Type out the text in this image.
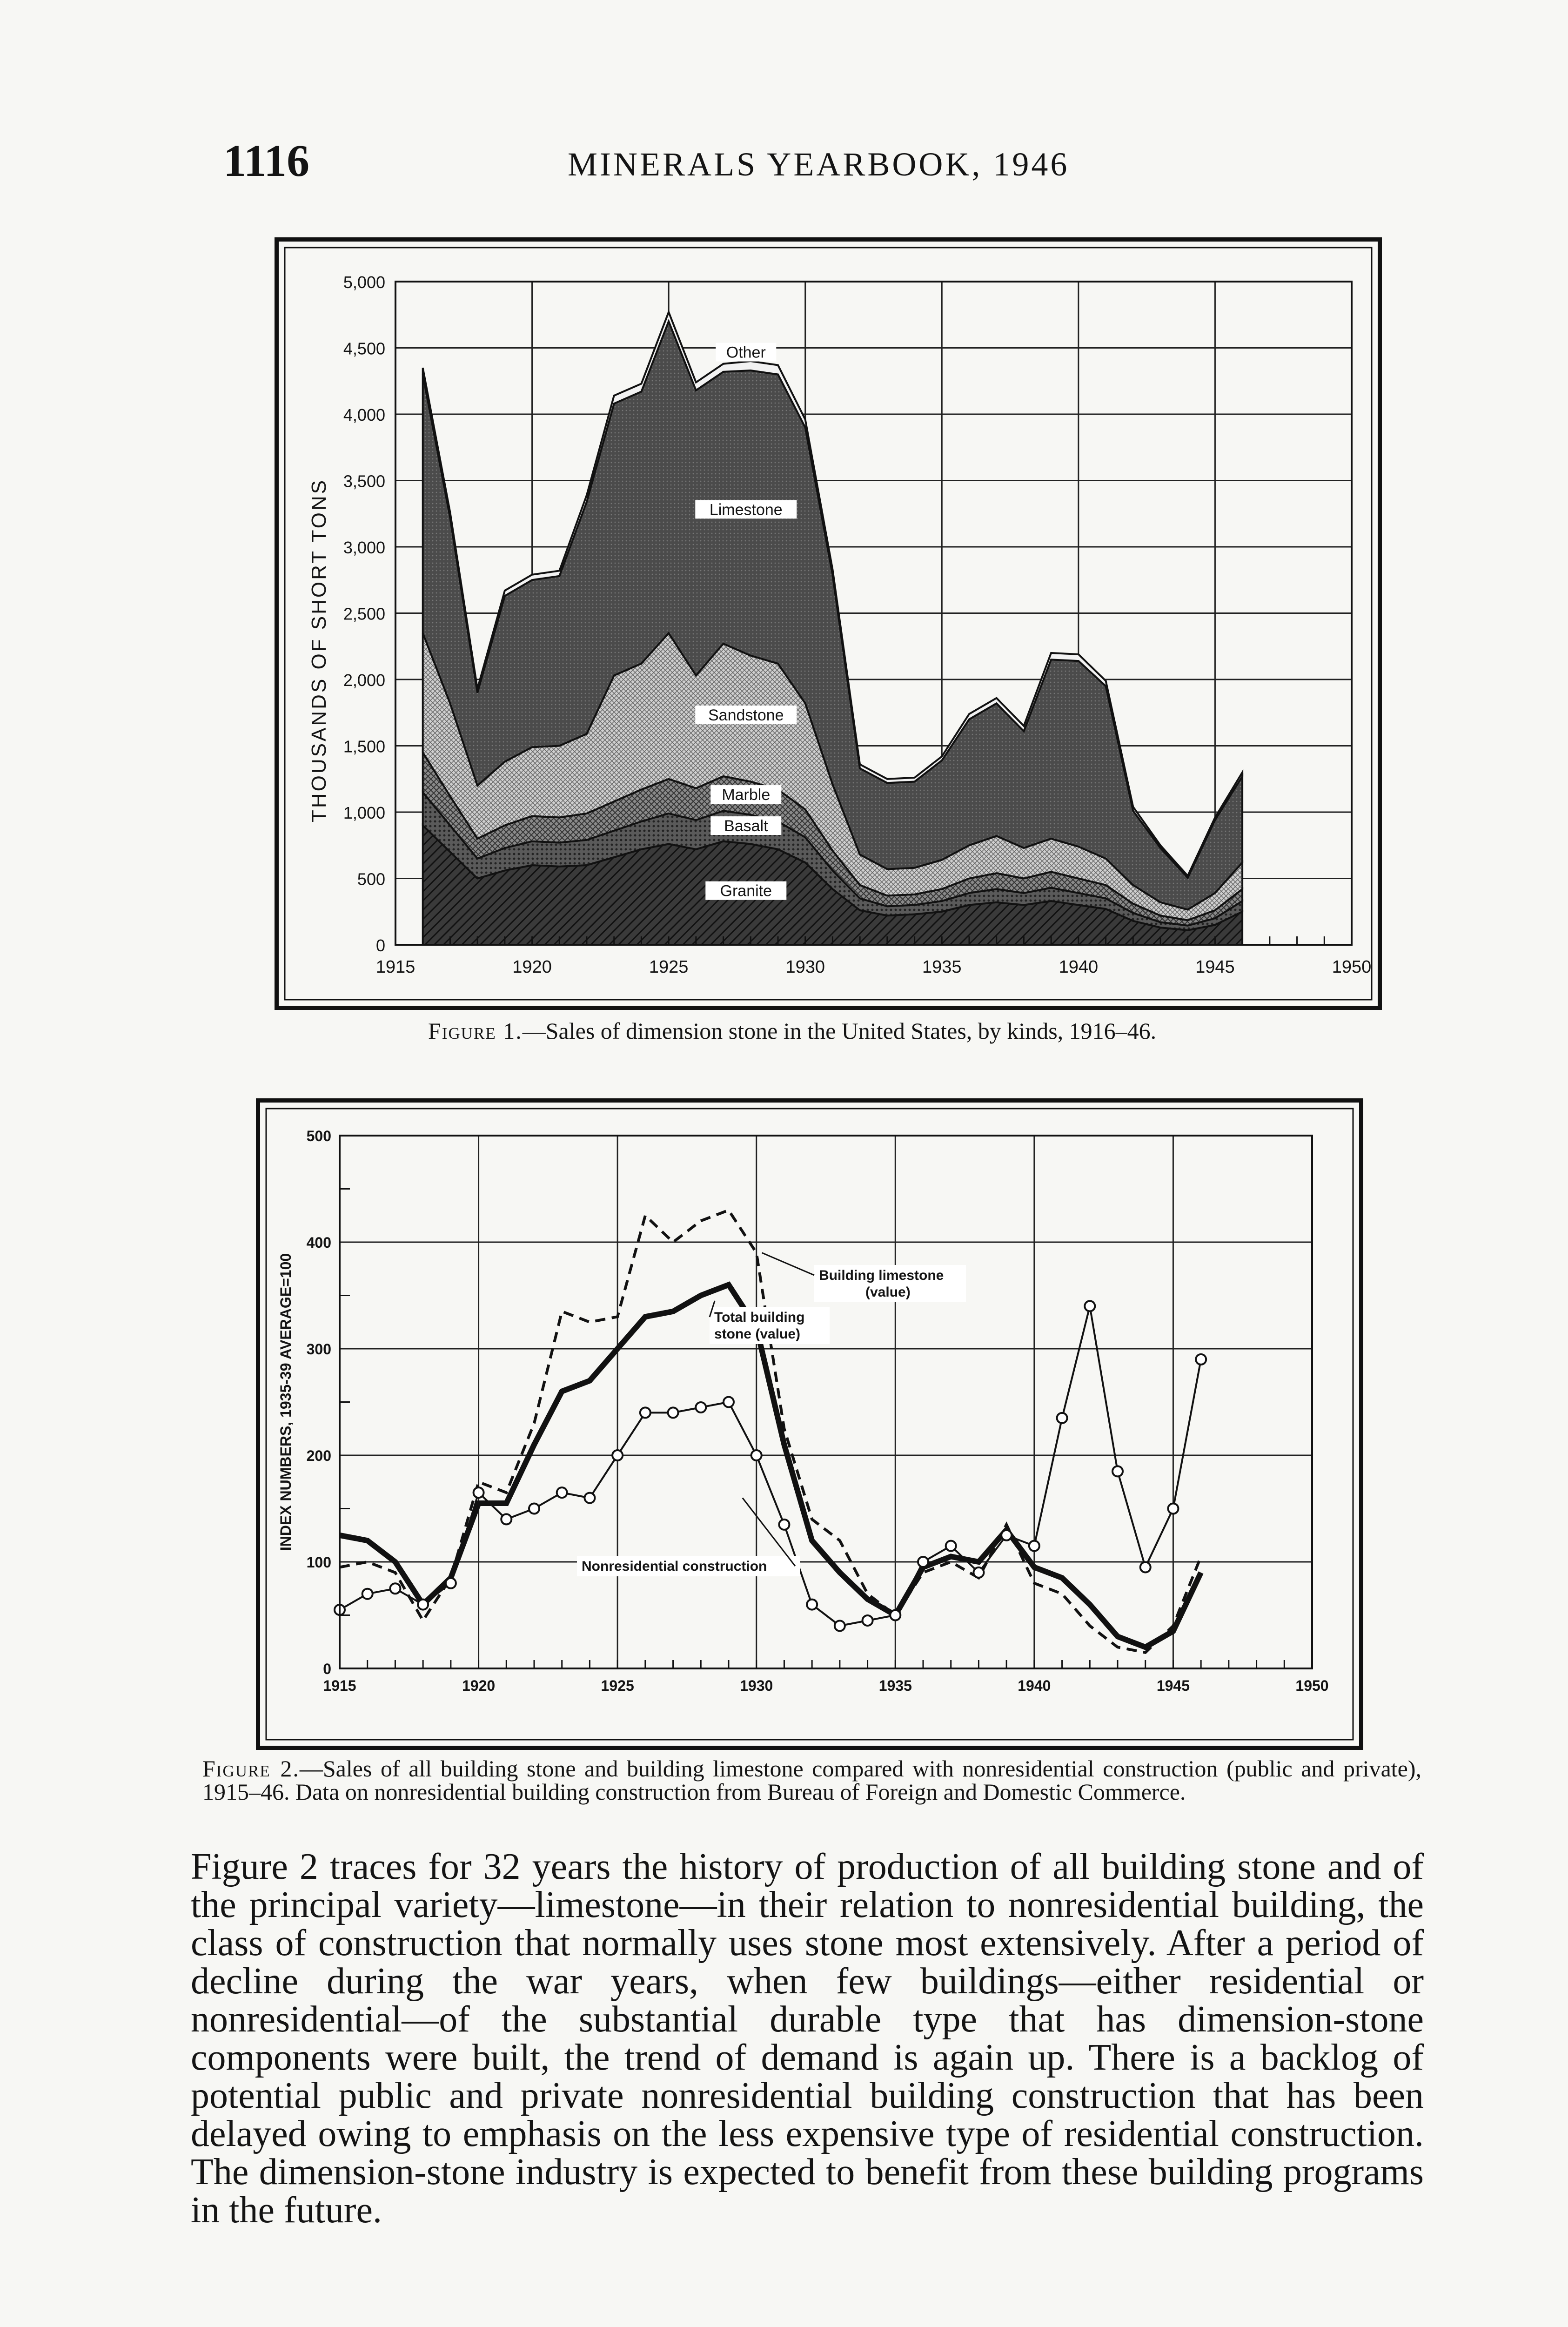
1116	MINERALS YEARBOOK, 1946
0
500
1,000
1,500
2,000
2,500
3,000
3,500
4,000
4,500
5,000
1915	1920	1925	1930	1935	1940	1945	1950
THOUSANDS OF SHORT TONS
Other
Limestone
Sandstone
Marble
Basalt
Granite
Figure 1.—Sales of dimension stone in the United States, by kinds, 1916–46.
0
100
200
300
400
500
1915	1920	1925	1930	1935	1940	1945	1950
INDEX NUMBERS, 1935-39 AVERAGE=100	Building limestone
(value)
Total building
stone (value)
Nonresidential construction
Figure 2.—Sales of all building stone and building limestone compared with nonresidential construction (public and private), 1915–46. Data on nonresidential building construction from Bureau of Foreign and Domestic Commerce.
Figure 2 traces for 32 years the history of production of all building stone and of the principal variety—limestone—in their relation to nonresidential building, the class of construction that normally uses stone most extensively. After a period of decline during the war years, when few buildings—either residential or nonresidential—of the substantial durable type that has dimension-stone components were built, the trend of demand is again up. There is a backlog of potential public and private nonresidential building construction that has been delayed owing to emphasis on the less expensive type of residential construction. The dimension-stone industry is expected to benefit from these building programs in the future.
